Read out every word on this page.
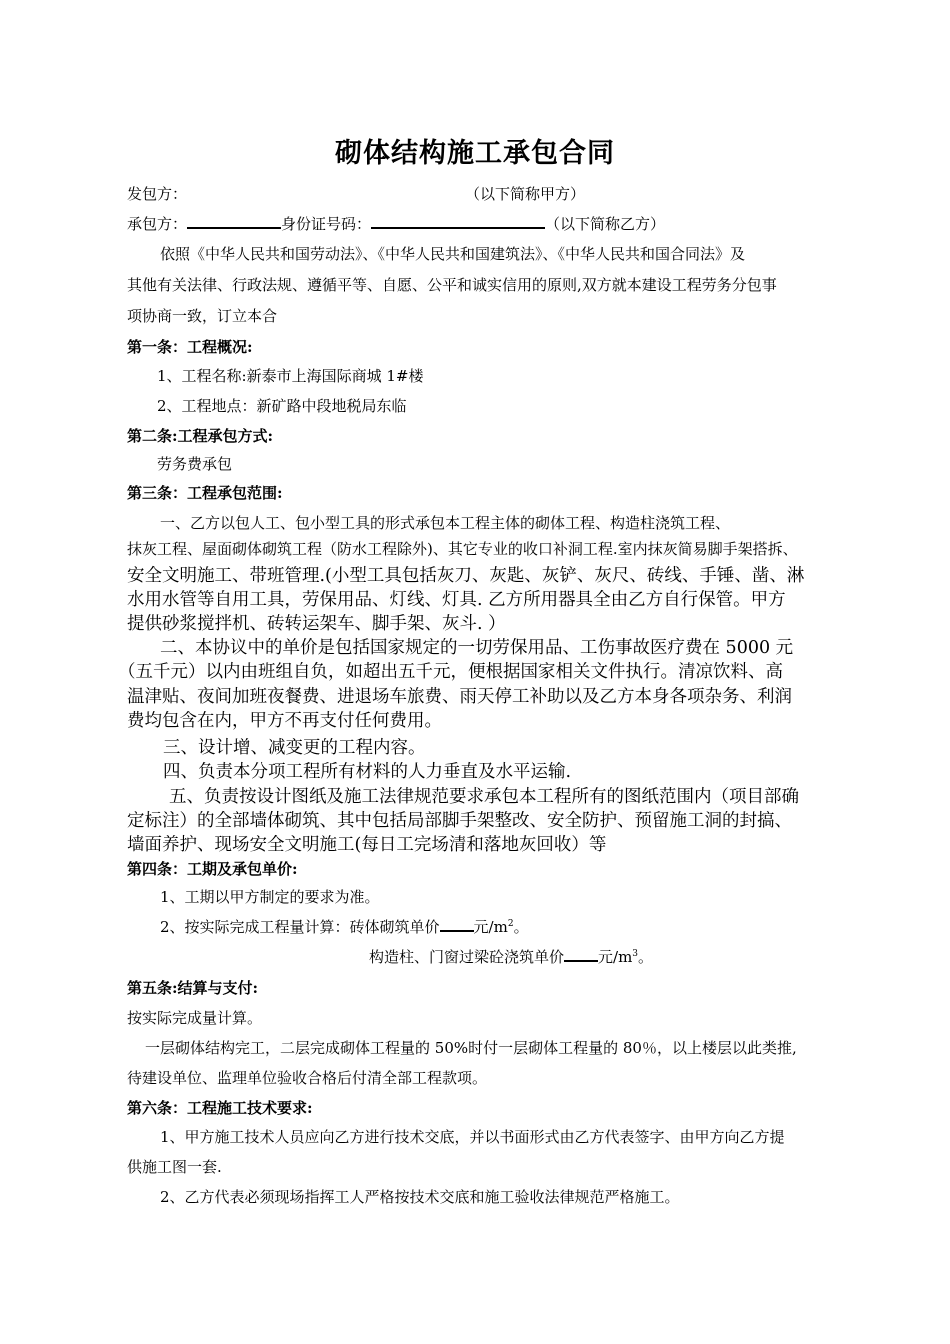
砌体结构施工承包合同
发包方：	（以下简称甲方）
承包方：	身份证号码：	（以下简称乙方）
依照《中华人民共和国劳动法》、《中华人民共和国建筑法》、《中华人民共和国合同法》及
其他有关法律、行政法规、遵循平等、自愿、公平和诚实信用的原则,双方就本建设工程劳务分包事
项协商一致，订立本合
第一条：工程概况:
1、工程名称:新泰市上海国际商城 1#楼
2、工程地点：新矿路中段地税局东临
第二条:工程承包方式:
劳务费承包
第三条：工程承包范围:
一、乙方以包人工、包小型工具的形式承包本工程主体的砌体工程、构造柱浇筑工程、
抹灰工程、屋面砌体砌筑工程（防水工程除外)、其它专业的收口补洞工程.室内抹灰简易脚手架搭拆、
安全文明施工、带班管理.(小型工具包括灰刀、灰匙、灰铲、灰尺、砖线、手锤、凿、淋
水用水管等自用工具，劳保用品、灯线、灯具. 乙方所用器具全由乙方自行保管。甲方
提供砂浆搅拌机、砖转运架车、脚手架、灰斗. ）
二、本协议中的单价是包括国家规定的一切劳保用品、工伤事故医疗费在 5000 元
（五千元）以内由班组自负，如超出五千元，便根据国家相关文件执行。清凉饮料、高
温津贴、夜间加班夜餐费、进退场车旅费、雨天停工补助以及乙方本身各项杂务、利润
费均包含在内，甲方不再支付任何费用。
三、设计增、减变更的工程内容。
四、负责本分项工程所有材料的人力垂直及水平运输.
五、负责按设计图纸及施工法律规范要求承包本工程所有的图纸范围内（项目部确
定标注）的全部墙体砌筑、其中包括局部脚手架整改、安全防护、预留施工洞的封搞、
墙面养护、现场安全文明施工(每日工完场清和落地灰回收）等
第四条：工期及承包单价:
1、工期以甲方制定的要求为准。
2、按实际完成工程量计算：砖体砌筑单价 元$/m^2$。
构造柱、门窗过梁砼浇筑单价 元$/m^3$。
第五条:结算与支付:
按实际完成量计算。
一层砌体结构完工，二层完成砌体工程量的 50%时付一层砌体工程量的 80％，以上楼层以此类推,
待建设单位、监理单位验收合格后付清全部工程款项。
第六条：工程施工技术要求:
1、甲方施工技术人员应向乙方进行技术交底，并以书面形式由乙方代表签字、由甲方向乙方提
供施工图一套.
2、乙方代表必须现场指挥工人严格按技术交底和施工验收法律规范严格施工。
